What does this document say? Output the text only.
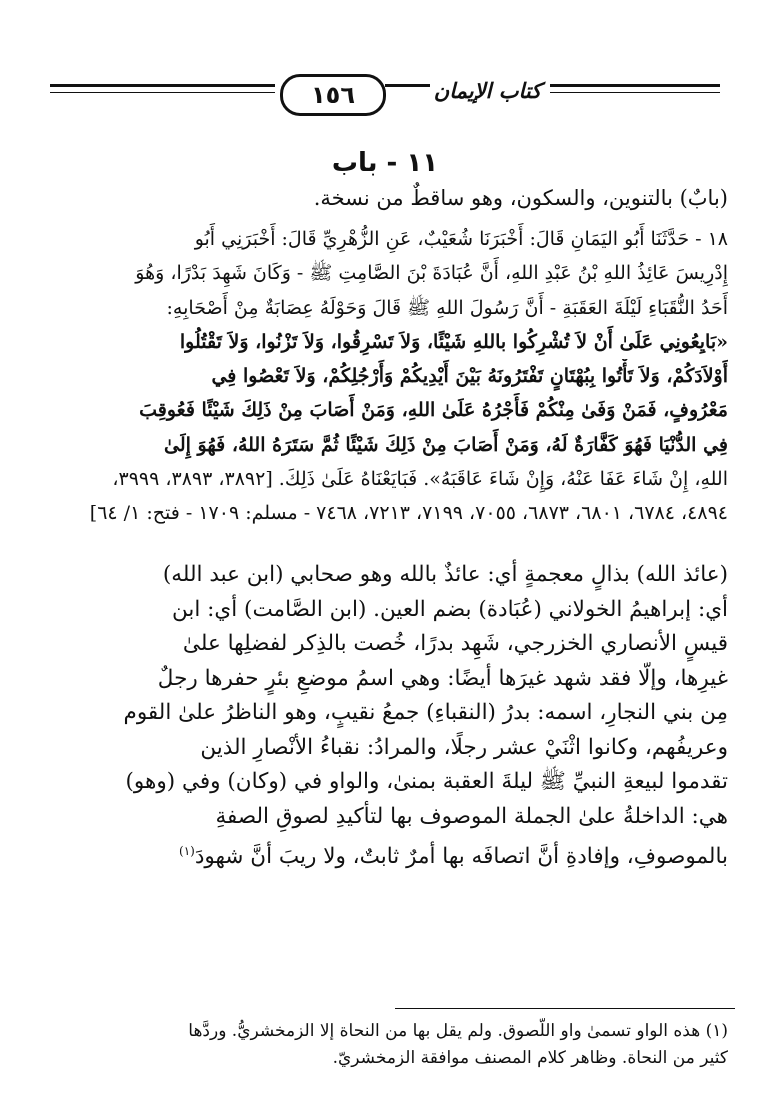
١٥٦	كتاب الإيمان
١١ - باب
(بابٌ) بالتنوين، والسكون، وهو ساقطٌ من نسخة.
١٨ - حَدَّثَنَا أَبُو اليَمَانِ قَالَ: أَخْبَرَنَا شُعَيْبٌ، عَنِ الزُّهْرِيِّ قَالَ: أَخْبَرَنِي أَبُو
إِدْرِيسَ عَائِذُ اللهِ بْنُ عَبْدِ اللهِ، أَنَّ عُبَادَةَ بْنَ الصَّامِتِ ﷺ - وَكَانَ شَهِدَ بَدْرًا، وَهُوَ
أَحَدُ النُّقَبَاءِ لَيْلَةَ العَقَبَةِ - أَنَّ رَسُولَ اللهِ ﷺ قَالَ وَحَوْلَهُ عِصَابَةٌ مِنْ أَصْحَابِهِ:
«بَايِعُونِي عَلَىٰ أَنْ لاَ تُشْرِكُوا باللهِ شَيْئًا، وَلاَ تَسْرِقُوا، وَلاَ تَزْنُوا، وَلاَ تَقْتُلُوا
أَوْلاَدَكُمْ، وَلاَ تَأْتُوا بِبُهْتَانٍ تَفْتَرُونَهُ بَيْنَ أَيْدِيكُمْ وَأَرْجُلِكُمْ، وَلاَ تَعْصُوا فِي
مَعْرُوفٍ، فَمَنْ وَفَىٰ مِنْكُمْ فَأَجْرُهُ عَلَىٰ اللهِ، وَمَنْ أَصَابَ مِنْ ذَلِكَ شَيْئًا فَعُوقِبَ
فِي الدُّنْيَا فَهُوَ كَفَّارَةٌ لَهُ، وَمَنْ أَصَابَ مِنْ ذَلِكَ شَيْئًا ثُمَّ سَتَرَهُ اللهُ، فَهُوَ إِلَىٰ
اللهِ، إِنْ شَاءَ عَفَا عَنْهُ، وَإِنْ شَاءَ عَاقَبَهُ». فَبَايَعْنَاهُ عَلَىٰ ذَلِكَ. [٣٨٩٢، ٣٨٩٣، ٣٩٩٩،
٤٨٩٤، ٦٧٨٤، ٦٨٠١، ٦٨٧٣، ٧٠٥٥، ٧١٩٩، ٧٢١٣، ٧٤٦٨ - مسلم: ١٧٠٩ - فتح: ١/ ٦٤]
(عائذ الله) بذالٍ معجمةٍ أي: عائذٌ بالله وهو صحابي (ابن عبد الله)
أي: إبراهيمُ الخولاني (عُبَادة) بضم العين. (ابن الصَّامت) أي: ابن
قيسٍ الأنصاري الخزرجي، شَهِد بدرًا، خُصت بالذِكر لفضلِها علىٰ
غيرِها، وإلَّا فقد شهد غيرَها أيضًا: وهي اسمُ موضعِ بئرٍ حفرها رجلٌ
مِن بني النجارِ، اسمه: بدرُ (النقباءِ) جمعُ نقيبٍ، وهو الناظرُ علىٰ القوم
وعريفُهم، وكانوا اثْنَيْ عشر رجلًا، والمرادُ: نقباءُ الأنْصارِ الذين
تقدموا لبيعةِ النبيِّ ﷺ ليلةَ العقبة بمنىٰ، والواو في (وكان) وفي (وهو)
هي: الداخلةُ علىٰ الجملة الموصوف بها لتأكيدِ لصوقِ الصفةِ
بالموصوفِ، وإفادةِ أنَّ اتصافَه بها أمرٌ ثابتٌ، ولا ريبَ أنَّ شهودَ$^{(١)}$
(١) هذه الواو تسمىٰ واو اللُّصوق. ولم يقل بها من النحاة إلا الزمخشريُّ. وردَّها
كثير من النحاة. وظاهر كلام المصنف موافقة الزمخشريّ.
